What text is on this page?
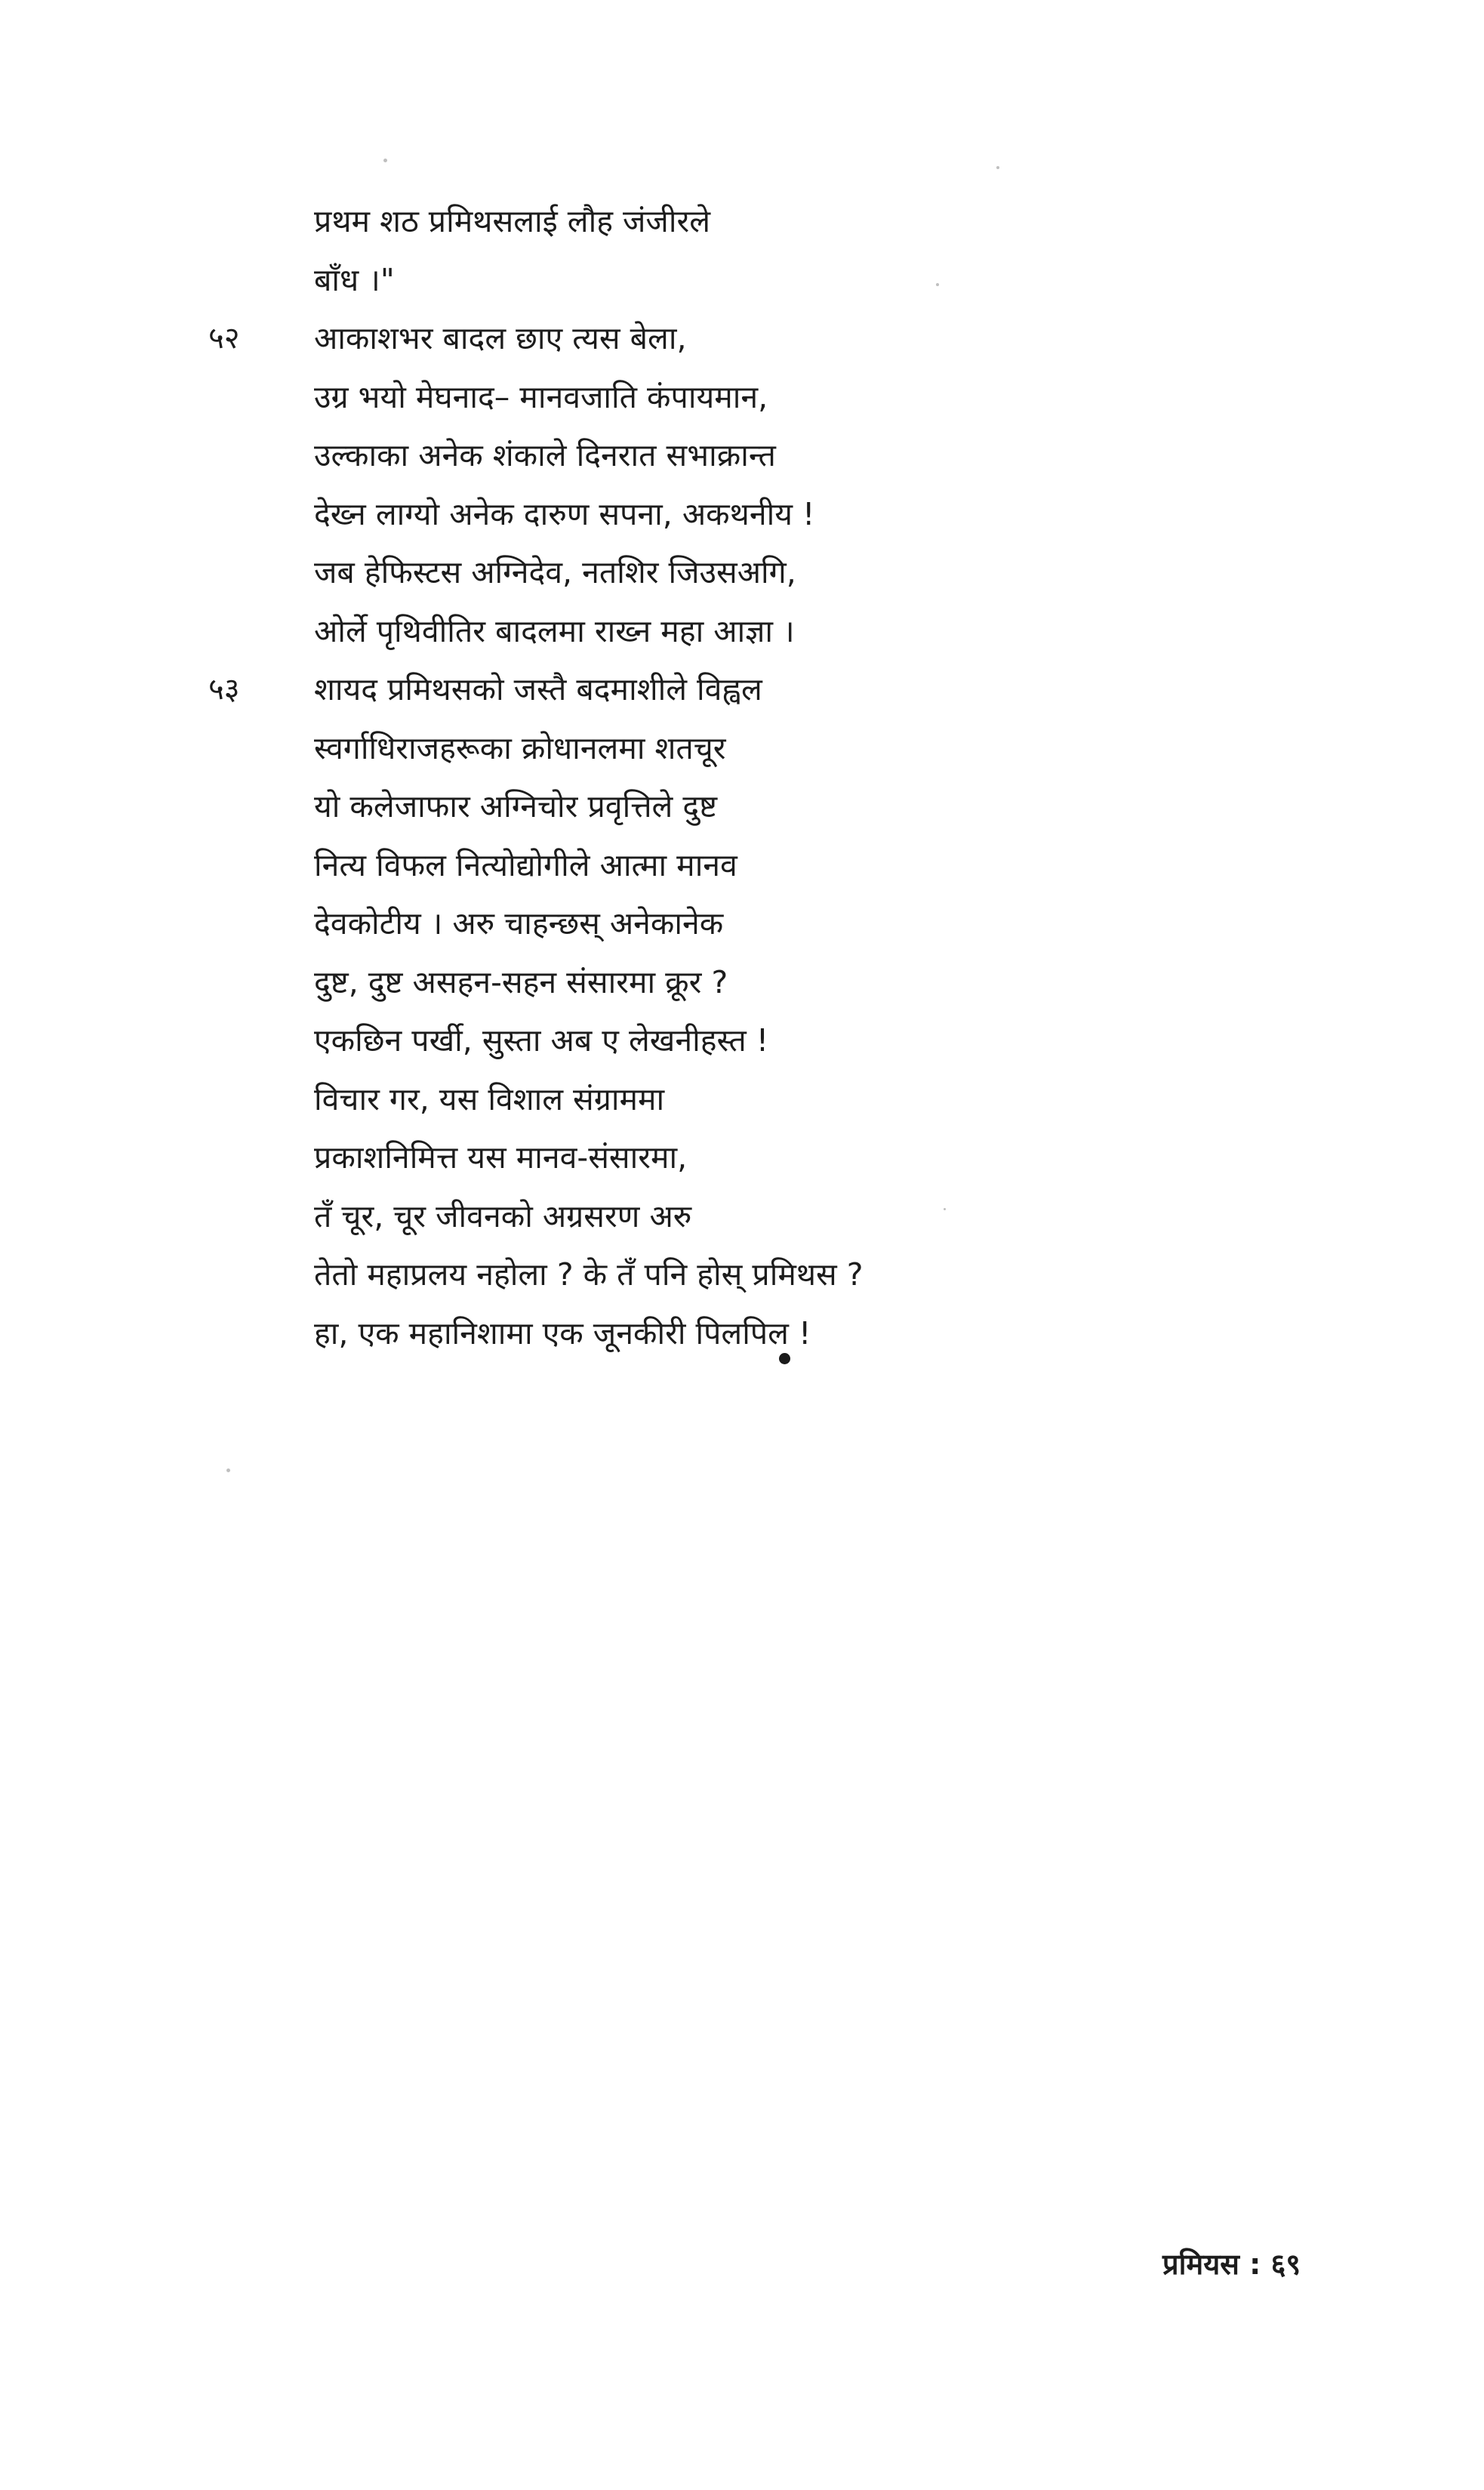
प्रथम शठ प्रमिथसलाई लौह जंजीरले
बाँध ।"
५२ आकाशभर बादल छाए त्यस बेला,
उग्र भयो मेघनाद– मानवजाति कंपायमान,
उल्काका अनेक शंकाले दिनरात सभाक्रान्त
देख्न लाग्यो अनेक दारुण सपना, अकथनीय !
जब हेफिस्टस अग्निदेव, नतशिर जिउसअगि,
ओर्ले पृथिवीतिर बादलमा राख्न महा आज्ञा ।
५३ शायद प्रमिथसको जस्तै बदमाशीले विह्वल
स्वर्गाधिराजहरूका क्रोधानलमा शतचूर
यो कलेजाफार अग्निचोर प्रवृत्तिले दुष्ट
नित्य विफल नित्योद्योगीले आत्मा मानव
देवकोटीय । अरु चाहन्छस् अनेकानेक
दुष्ट, दुष्ट असहन-सहन संसारमा क्रूर ?
एकछिन पर्खी, सुस्ता अब ए लेखनीहस्त !
विचार गर, यस विशाल संग्राममा
प्रकाशनिमित्त यस मानव-संसारमा,
तँ चूर, चूर जीवनको अग्रसरण अरु
तेतो महाप्रलय नहोला ? के तँ पनि होस् प्रमिथस ?
हा, एक महानिशामा एक जूनकीरी पिलपिल !
प्रमियस : ६९
